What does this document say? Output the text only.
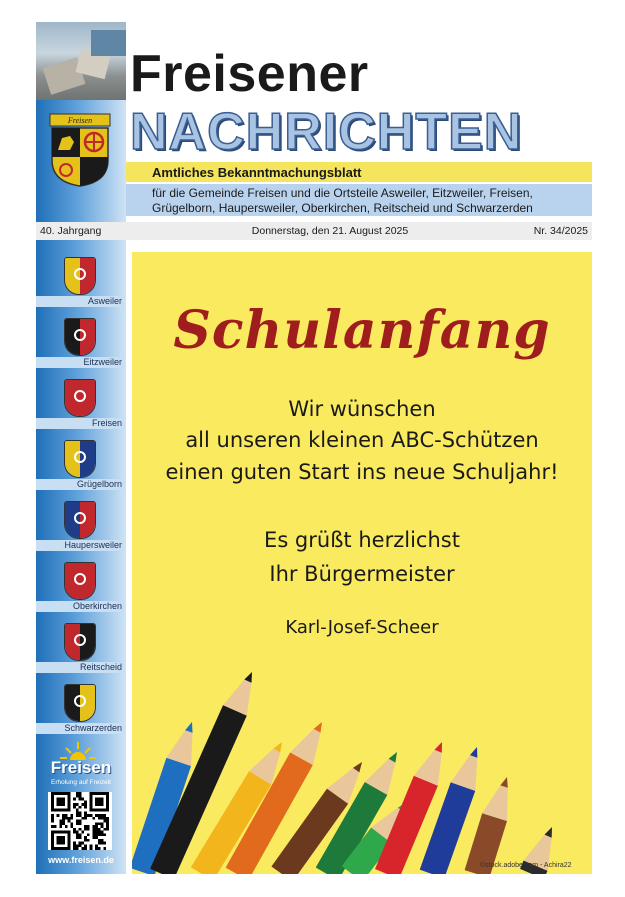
Freisen
Freisener
NACHRICHTEN
Amtliches Bekanntmachungsblatt
für die Gemeinde Freisen und die Ortsteile Asweiler, Eitzweiler, Freisen,
Grügelborn, Haupersweiler, Oberkirchen, Reitscheid und Schwarzerden
40. Jahrgang	Donnerstag, den 21. August 2025	Nr. 34/2025
Asweiler
Eitzweiler
Freisen
Grügelborn
Haupersweiler
Oberkirchen
Reitscheid
Schwarzerden
Schulanfang
Wir wünschen
all unseren kleinen ABC-Schützen
einen guten Start ins neue Schuljahr!
Es grüßt herzlichst
Ihr Bürgermeister
Karl-Josef-Scheer
©stock.adobe.com - Achira22
Freisen
Erholung auf Freizeit
www.freisen.de
